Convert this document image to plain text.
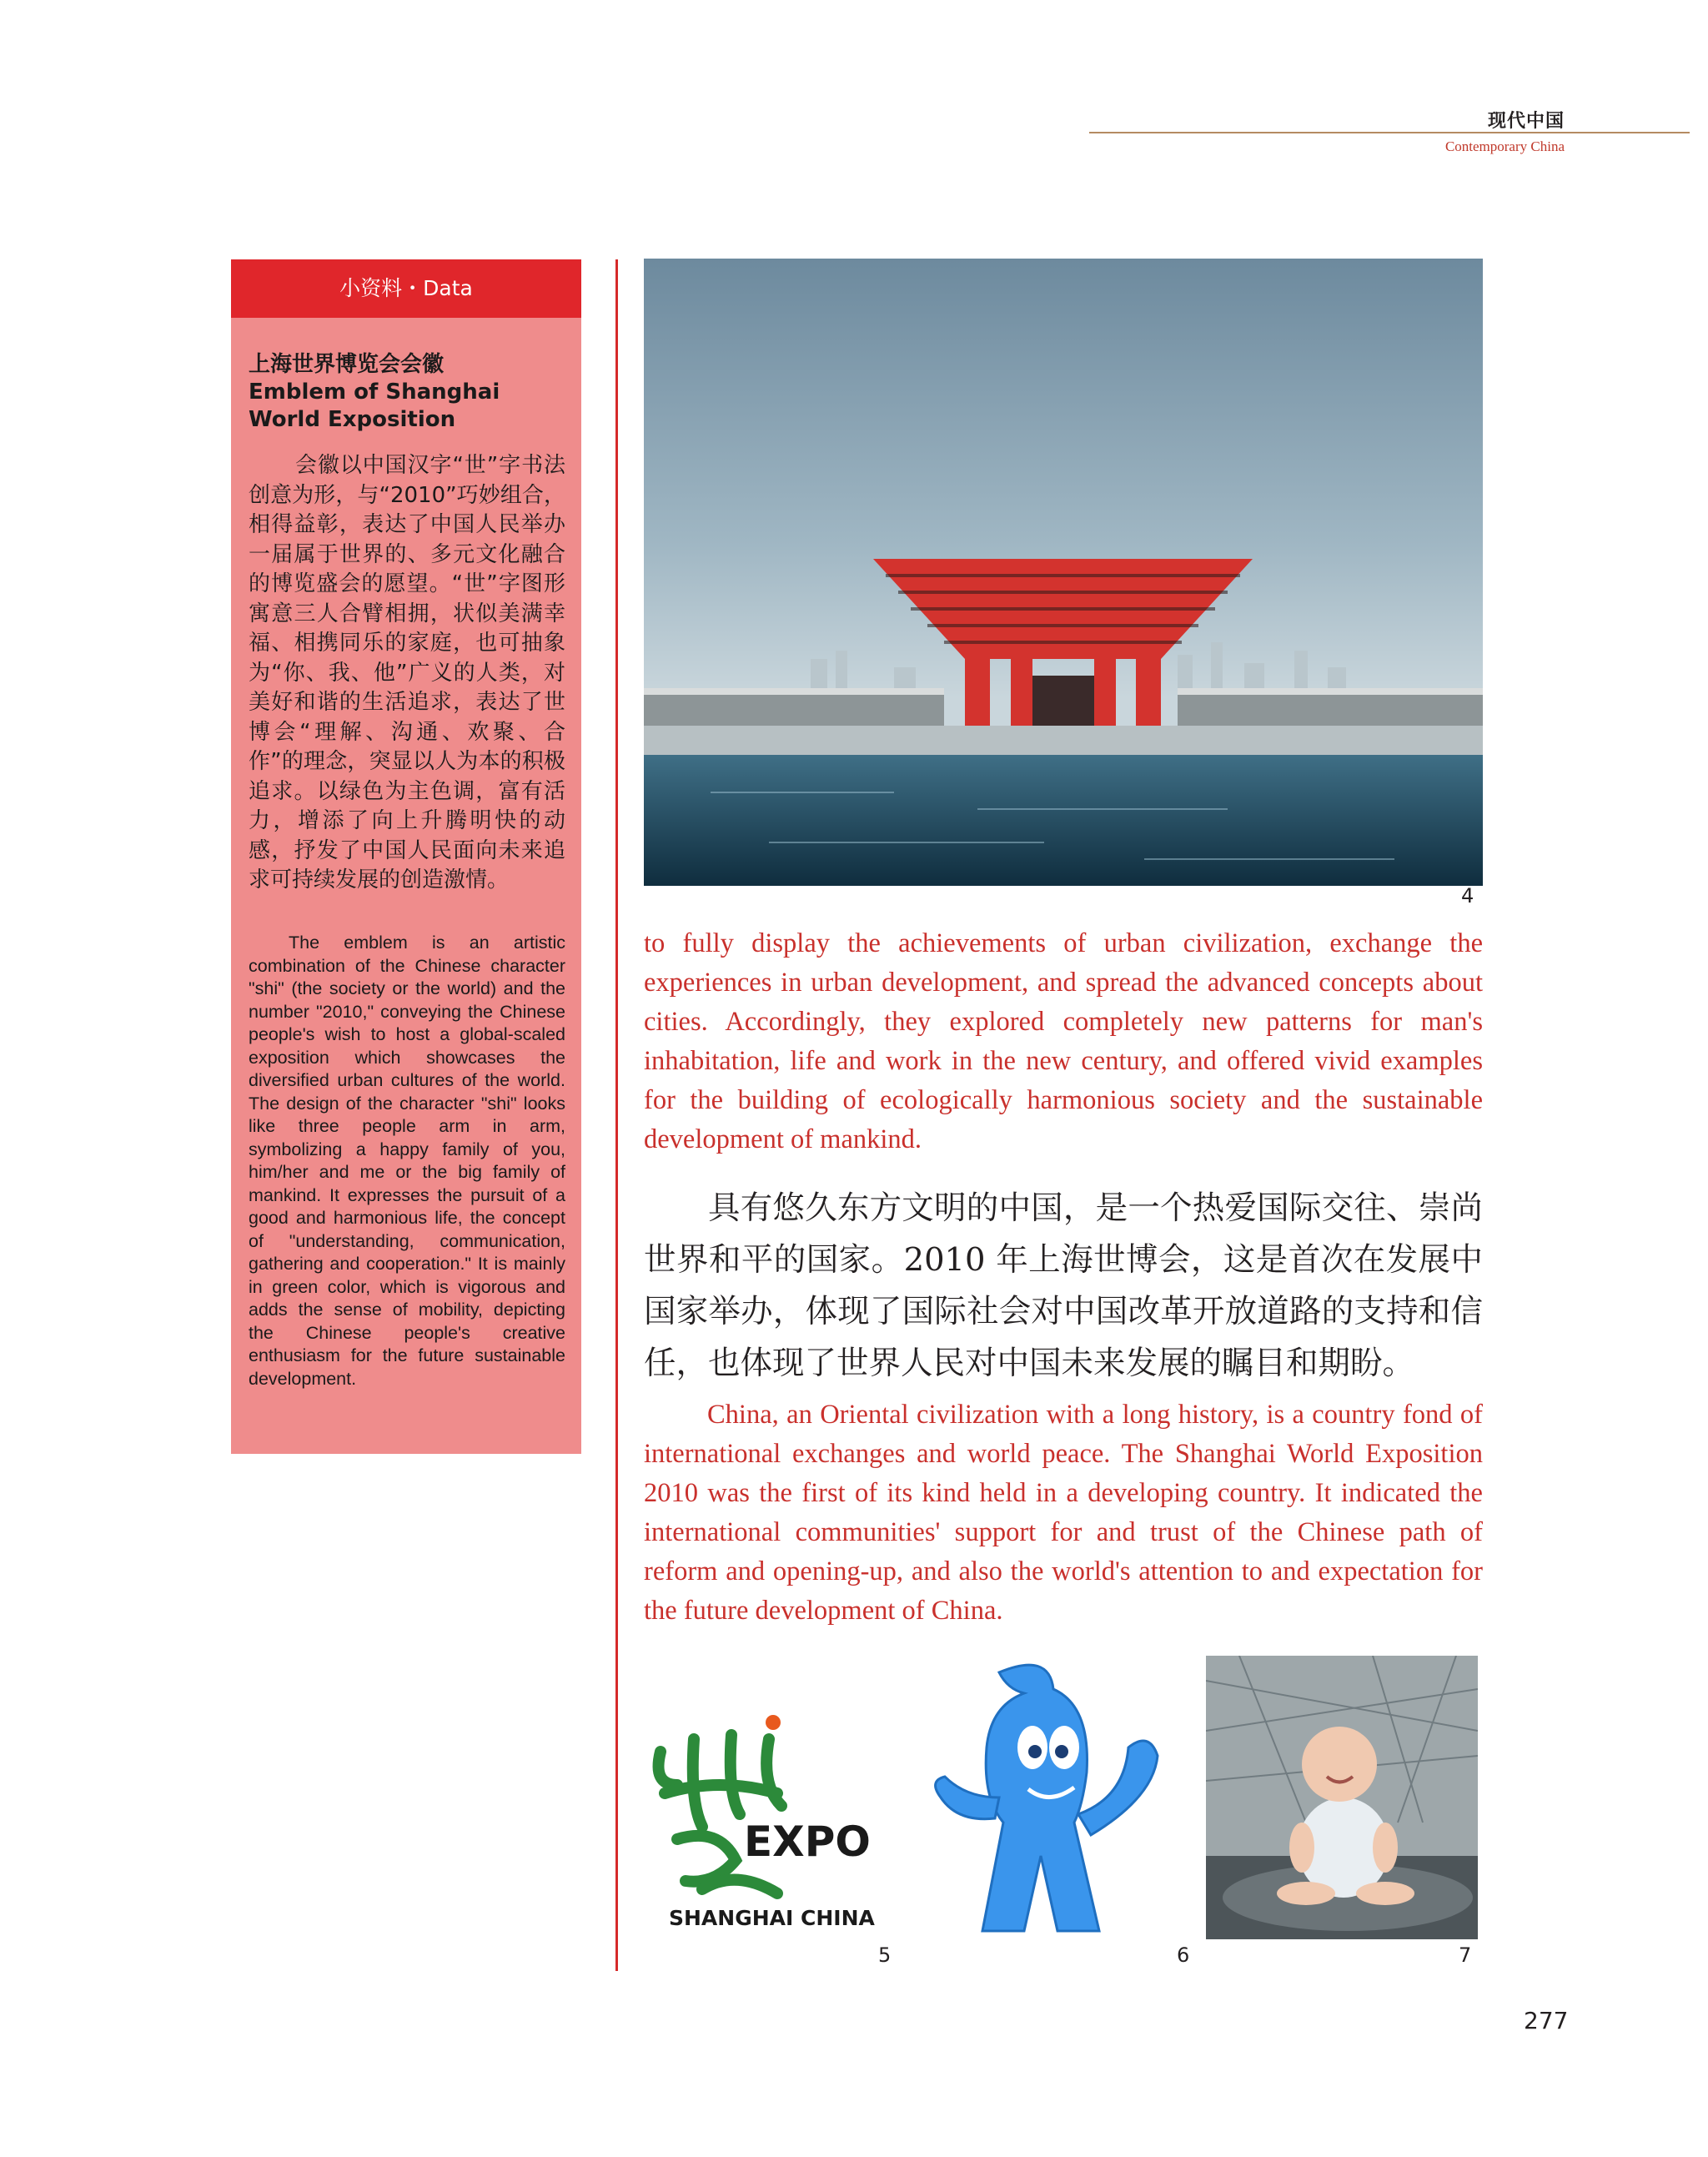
现代中国
Contemporary China
小资料・Data
上海世界博览会会徽
Emblem of Shanghai World Exposition
会徽以中国汉字“世”字书法创意为形，与“2010”巧妙组合，相得益彰，表达了中国人民举办一届属于世界的、多元文化融合的博览盛会的愿望。“世”字图形寓意三人合臂相拥，状似美满幸福、相携同乐的家庭，也可抽象为“你、我、他”广义的人类，对美好和谐的生活追求，表达了世博会“理解、沟通、欢聚、合作”的理念，突显以人为本的积极追求。以绿色为主色调，富有活力，增添了向上升腾明快的动感，抒发了中国人民面向未来追求可持续发展的创造激情。
The emblem is an artistic combination of the Chinese character "shi" (the society or the world) and the number "2010," conveying the Chinese people's wish to host a global-scaled exposition which showcases the diversified urban cultures of the world. The design of the character "shi" looks like three people arm in arm, symbolizing a happy family of you, him/her and me or the big family of mankind. It expresses the pursuit of a good and harmonious life, the concept of "understanding, communication, gathering and cooperation." It is mainly in green color, which is vigorous and adds the sense of mobility, depicting the Chinese people's creative enthusiasm for the future sustainable development.
4
to fully display the achievements of urban civilization, exchange the experiences in urban development, and spread the advanced concepts about cities. Accordingly, they explored completely new patterns for man's inhabitation, life and work in the new century, and offered vivid examples for the building of ecologically harmonious society and the sustainable development of mankind.
具有悠久东方文明的中国，是一个热爱国际交往、崇尚世界和平的国家。2010 年上海世博会，这是首次在发展中国家举办，体现了国际社会对中国改革开放道路的支持和信任，也体现了世界人民对中国未来发展的瞩目和期盼。
China, an Oriental civilization with a long history, is a country fond of international exchanges and world peace. The Shanghai World Exposition 2010 was the first of its kind held in a developing country. It indicated the international communities' support for and trust of the Chinese path of reform and opening-up, and also the world's attention to and expectation for the future development of China.
EXPO
SHANGHAI CHINA
5	6	7
277
